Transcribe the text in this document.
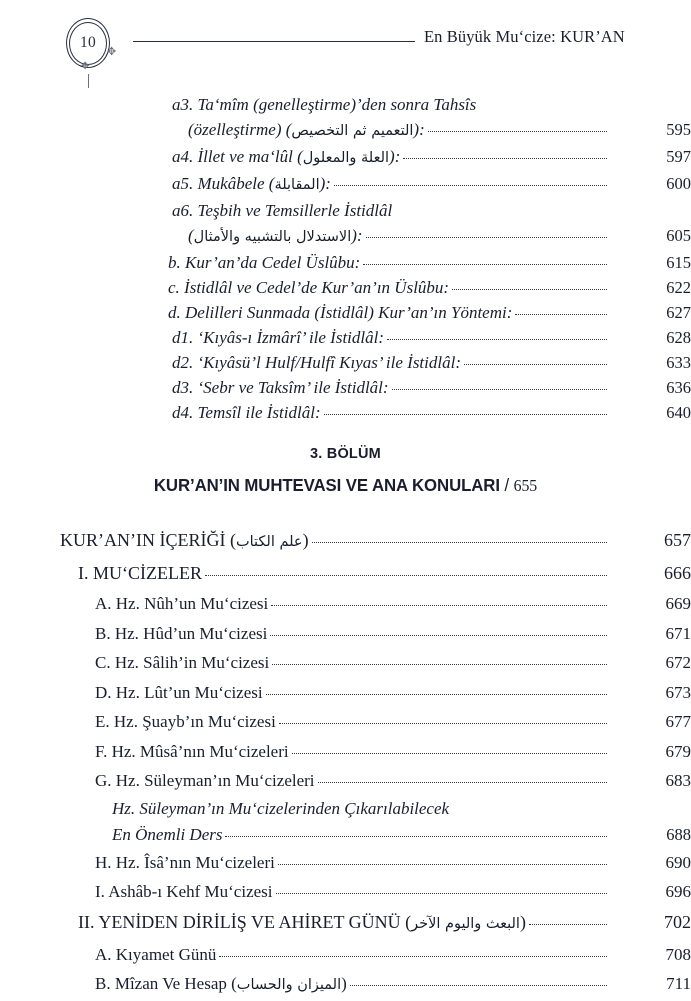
10
✥
✥
En Büyük Mu‘cize: KUR’AN
a3. Ta‘mîm (genelleştirme)’den sonra Tahsîs
(özelleştirme) (التعميم ثم التخصيص):	595
a4. İllet ve ma‘lûl (العلة والمعلول):	597
a5. Mukâbele (المقابلة):	600
a6. Teşbih ve Temsillerle İstidlâl
(الاستدلال بالتشبيه والأمثال):	605
b. Kur’an’da Cedel Üslûbu:	615
c. İstidlâl ve Cedel’de Kur’an’ın Üslûbu:	622
d. Delilleri Sunmada (İstidlâl) Kur’an’ın Yöntemi:	627
d1. ‘Kıyâs-ı İzmârî’ ile İstidlâl:	628
d2. ‘Kıyâsü’l Hulf/Hulfî Kıyas’ ile İstidlâl:	633
d3. ‘Sebr ve Taksîm’ ile İstidlâl:	636
d4. Temsîl ile İstidlâl:	640
3. BÖLÜM
KUR’AN’IN MUHTEVASI VE ANA KONULARI / 655
KUR’AN’IN İÇERİĞİ (علم الكتاب)	657
I. MU‘CİZELER	666
A. Hz. Nûh’un Mu‘cizesi	669
B. Hz. Hûd’un Mu‘cizesi	671
C. Hz. Sâlih’in Mu‘cizesi	672
D. Hz. Lût’un Mu‘cizesi	673
E. Hz. Şuayb’ın Mu‘cizesi	677
F. Hz. Mûsâ’nın Mu‘cizeleri	679
G. Hz. Süleyman’ın Mu‘cizeleri	683
Hz. Süleyman’ın Mu‘cizelerinden Çıkarılabilecek
En Önemli Ders	688
H. Hz. Îsâ’nın Mu‘cizeleri	690
I. Ashâb-ı Kehf Mu‘cizesi	696
II. YENİDEN DİRİLİŞ VE AHİRET GÜNÜ (البعث واليوم الآخر)	702
A. Kıyamet Günü	708
B. Mîzan Ve Hesap (الميزان والحساب)	711
